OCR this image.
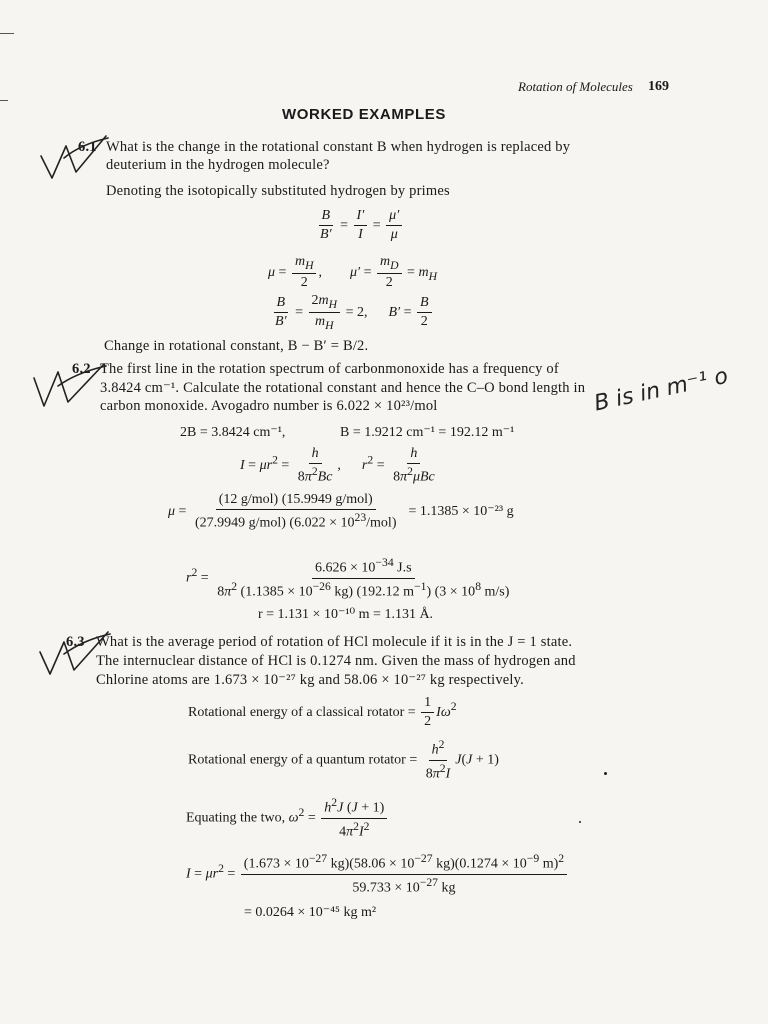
Rotation of Molecules 169
WORKED EXAMPLES
6.1 What is the change in the rotational constant B when hydrogen is replaced by
deuterium in the hydrogen molecule?
Denoting the isotopically substituted hydrogen by primes
$\frac{B}{B'} = \frac{I'}{I} = \frac{\mu'}{\mu}$
$\mu = \frac{m_H}{2}$ ,        $\mu' = \frac{m_D}{2} = m_H$
$\frac{B}{B'} = \frac{2m_H}{m_H} = 2$,      $B' = \frac{B}{2}$
Change in rotational constant, B − B′ = B/2.
6.2 The first line in the rotation spectrum of carbonmonoxide has a frequency of
3.8424 cm⁻¹. Calculate the rotational constant and hence the C–O bond length in
carbon monoxide. Avogadro number is 6.022 × 10²³/mol
2B = 3.8424 cm⁻¹,	B = 1.9212 cm⁻¹ = 192.12 m⁻¹
$I = \mu r^2 = \frac{h}{8\pi^2Bc}$ ,      $r^2 = \frac{h}{8\pi^2\mu Bc}$
$\mu = \frac{\text{(12 g/mol) (15.9949 g/mol)}}{(27.9949 g/mol) (6.022 \times 10^{23}/mol)} = 1.1385 \times 10^{-23}$ g
$r^2 = \frac{6.626 \times 10^{-34} J.s}{8\pi^2 (1.1385 \times 10^{-26} kg) (192.12 m^{-1}) (3 \times 10^8 m/s)}$
r = 1.131 × 10⁻¹⁰ m = 1.131 Å.
6.3 What is the average period of rotation of HCl molecule if it is in the J = 1 state.
The internuclear distance of HCl is 0.1274 nm. Given the mass of hydrogen and
Chlorine atoms are 1.673 × 10⁻²⁷ kg and 58.06 × 10⁻²⁷ kg respectively.
Rotational energy of a classical rotator = $\frac{1}{2} I\omega^2$
Rotational energy of a quantum rotator = $\frac{h^2}{8\pi^2I} J(J + 1)$
Equating the two, $\omega^2 = \frac{h^2J (J + 1)}{4\pi^2I^2}$
$I = \mu r^2 = \frac{(1.673 \times 10^{-27} kg)(58.06 \times 10^{-27} kg)(0.1274 \times 10^{-9} m)^2}{59.733 \times 10^{-27} kg}$
= 0.0264 × 10⁻⁴⁵ kg m²
B is in m⁻¹ o
